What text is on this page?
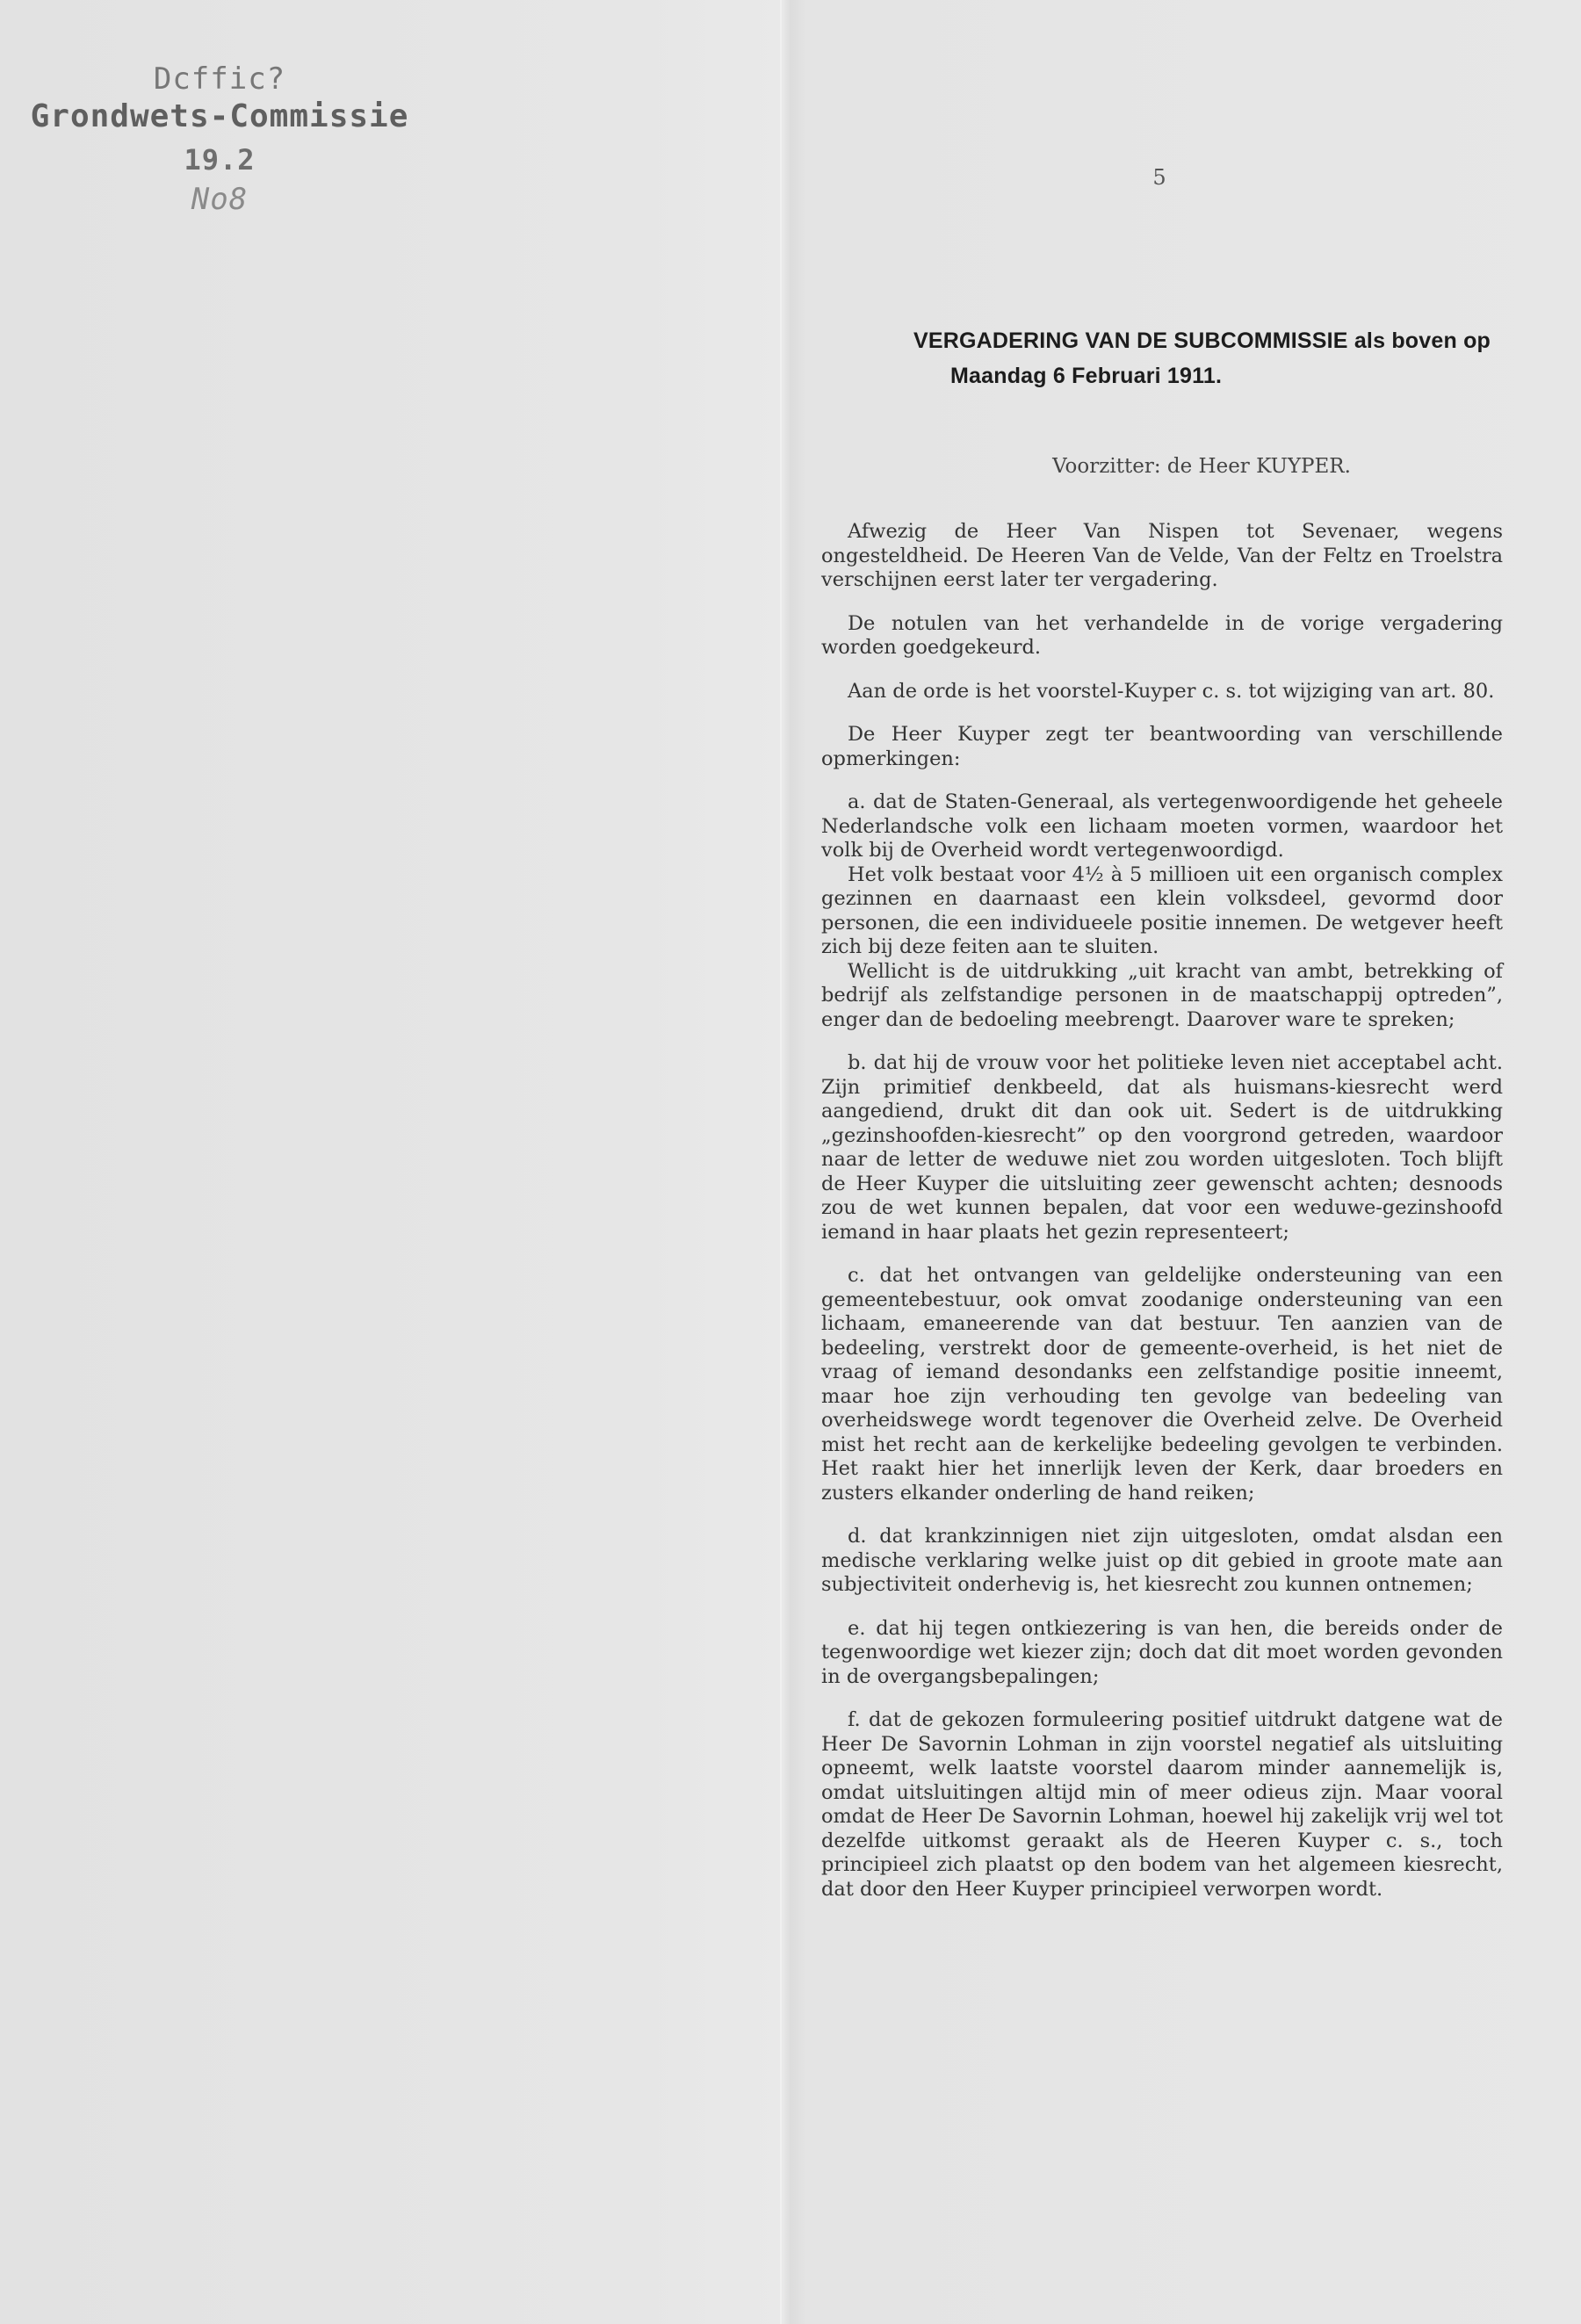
Dcffic?
Grondwets-Commissie
19.2
No8
5
VERGADERING VAN DE SUBCOMMISSIE als boven op
Maandag 6 Februari 1911.
Voorzitter: de Heer KUYPER.

Afwezig de Heer Van Nispen tot Sevenaer, wegens ongesteldheid. De Heeren Van de Velde, Van der Feltz en Troelstra verschijnen eerst later ter vergadering.

De notulen van het verhandelde in de vorige vergadering worden goedgekeurd.

Aan de orde is het voorstel-Kuyper c. s. tot wijziging van art. 80.

De Heer Kuyper zegt ter beantwoording van verschillende opmerkingen:

a. dat de Staten-Generaal, als vertegenwoordigende het geheele Nederlandsche volk een lichaam moeten vormen, waardoor het volk bij de Overheid wordt vertegenwoordigd.

Het volk bestaat voor 4½ à 5 millioen uit een organisch complex gezinnen en daarnaast een klein volksdeel, gevormd door personen, die een individueele positie innemen. De wetgever heeft zich bij deze feiten aan te sluiten.

Wellicht is de uitdrukking „uit kracht van ambt, betrekking of bedrijf als zelfstandige personen in de maatschappij optreden”, enger dan de bedoeling meebrengt. Daarover ware te spreken;

b. dat hij de vrouw voor het politieke leven niet acceptabel acht. Zijn primitief denkbeeld, dat als huismans-kiesrecht werd aangediend, drukt dit dan ook uit. Sedert is de uitdrukking „gezinshoofden-kiesrecht” op den voorgrond getreden, waardoor naar de letter de weduwe niet zou worden uitgesloten. Toch blijft de Heer Kuyper die uitsluiting zeer gewenscht achten; desnoods zou de wet kunnen bepalen, dat voor een weduwe-gezinshoofd iemand in haar plaats het gezin representeert;

c. dat het ontvangen van geldelijke ondersteuning van een gemeentebestuur, ook omvat zoodanige ondersteuning van een lichaam, emaneerende van dat bestuur. Ten aanzien van de bedeeling, verstrekt door de gemeente-overheid, is het niet de vraag of iemand desondanks een zelfstandige positie inneemt, maar hoe zijn verhouding ten gevolge van bedeeling van overheidswege wordt tegenover die Overheid zelve. De Overheid mist het recht aan de kerkelijke bedeeling gevolgen te verbinden. Het raakt hier het innerlijk leven der Kerk, daar broeders en zusters elkander onderling de hand reiken;

d. dat krankzinnigen niet zijn uitgesloten, omdat alsdan een medische verklaring welke juist op dit gebied in groote mate aan subjectiviteit onderhevig is, het kiesrecht zou kunnen ontnemen;

e. dat hij tegen ontkiezering is van hen, die bereids onder de tegenwoordige wet kiezer zijn; doch dat dit moet worden gevonden in de overgangsbepalingen;

f. dat de gekozen formuleering positief uitdrukt datgene wat de Heer De Savornin Lohman in zijn voorstel negatief als uitsluiting opneemt, welk laatste voorstel daarom minder aannemelijk is, omdat uitsluitingen altijd min of meer odieus zijn. Maar vooral omdat de Heer De Savornin Lohman, hoewel hij zakelijk vrij wel tot dezelfde uitkomst geraakt als de Heeren Kuyper c. s., toch principieel zich plaatst op den bodem van het algemeen kiesrecht, dat door den Heer Kuyper principieel verworpen wordt.
